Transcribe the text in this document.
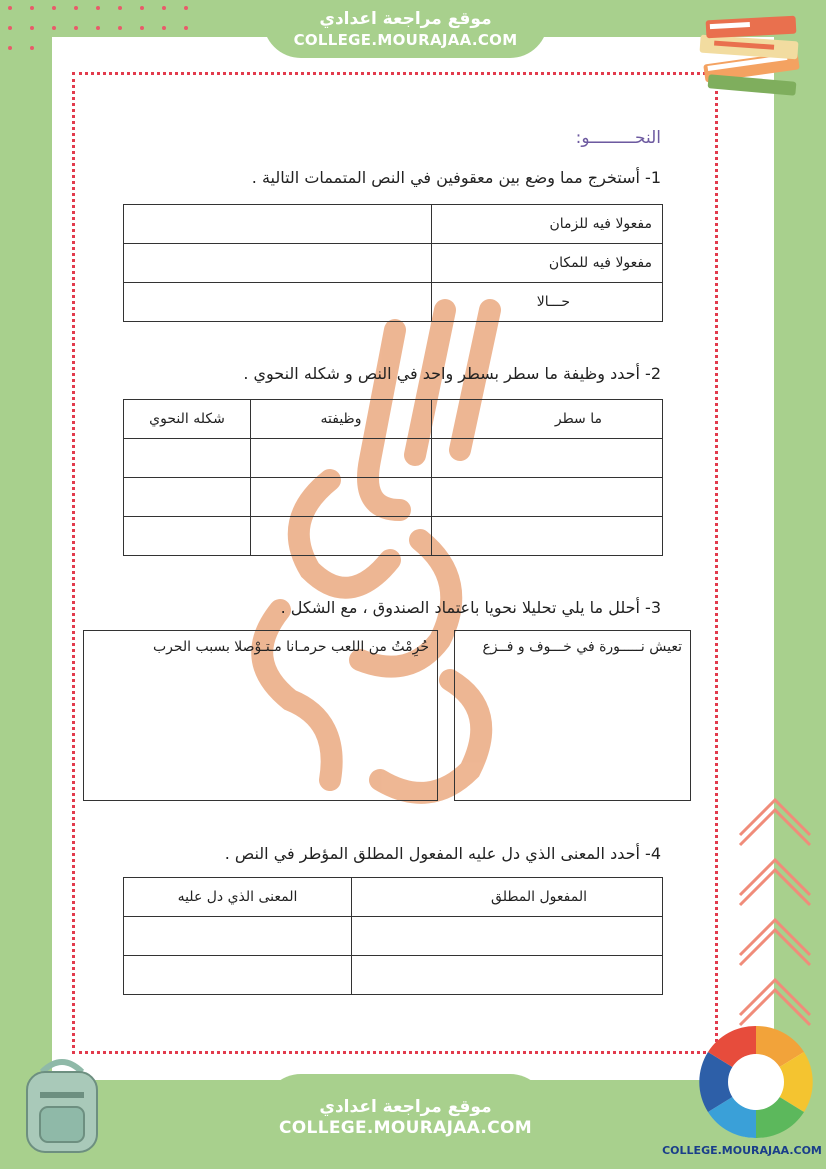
موقع مراجعة اعدادي
COLLEGE.MOURAJAA.COM
النحـــــــــو:
1- أستخرج مما وضع بين معقوفين في النص المتممات التالية .
مفعولا فيه للزمان	
مفعولا فيه للمكان	
حـــالا	
2- أحدد وظيفة ما سطر بسطر واحد في النص و شكله النحوي .
ما سطر	وظيفته	شكله النحوي

3- أحلل ما يلي تحليلا نحويا باعتماد الصندوق ، مع الشكل .
تعيش نـــــورة في خـــوف و فــزع
حُرِمْتُ من اللعب حرمـانا مـتـوْصلا بسبب الحرب
4- أحدد المعنى الذي دل عليه المفعول المطلق المؤطر في النص .
المفعول المطلق	المعنى الذي دل عليه

موقع مراجعة اعدادي
COLLEGE.MOURAJAA.COM
COLLEGE.MOURAJAA.COM
